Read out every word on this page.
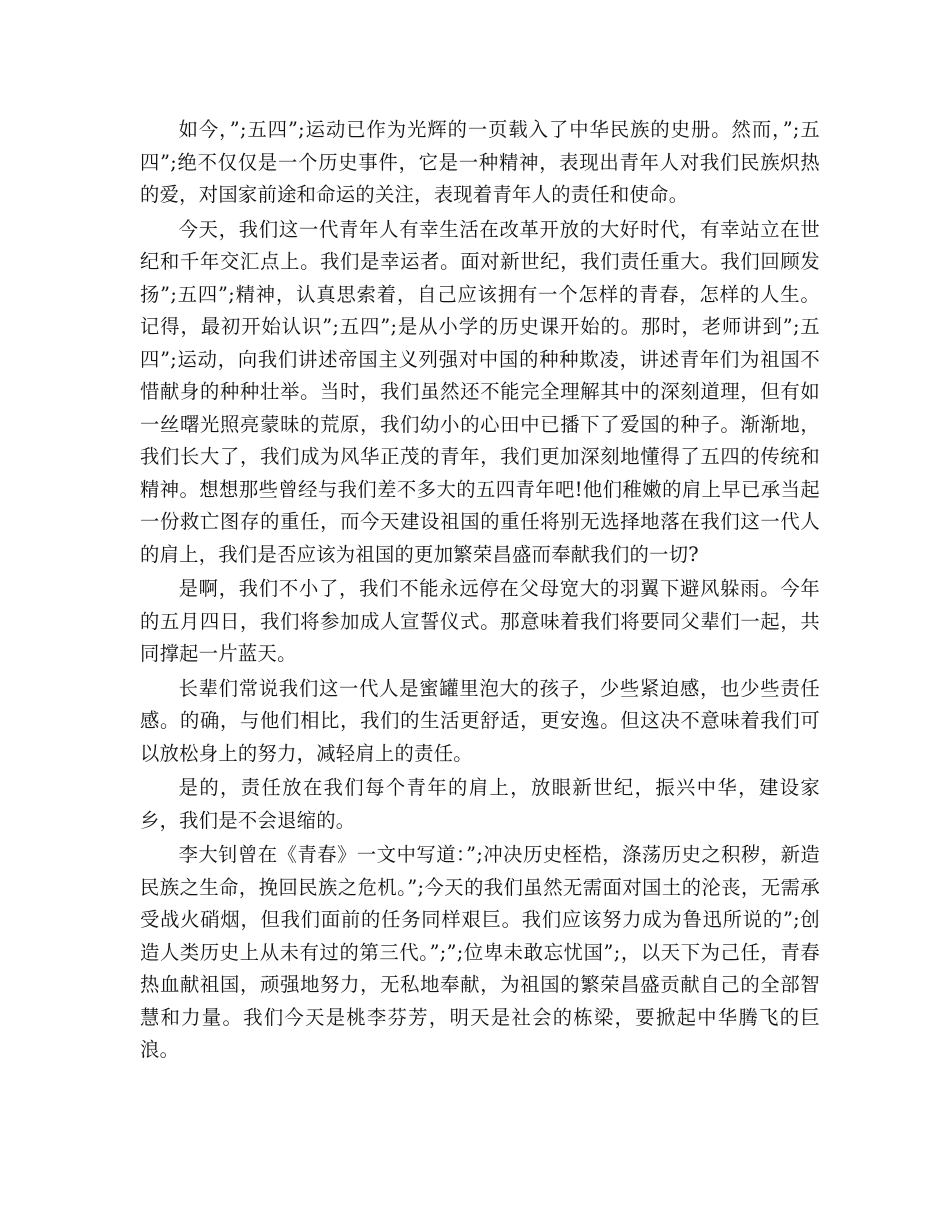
如今，”;五四”;运动已作为光辉的一页载入了中华民族的史册。然而，”;五四”;绝不仅仅是一个历史事件，它是一种精神，表现出青年人对我们民族炽热的爱，对国家前途和命运的关注，表现着青年人的责任和使命。

今天，我们这一代青年人有幸生活在改革开放的大好时代，有幸站立在世纪和千年交汇点上。我们是幸运者。面对新世纪，我们责任重大。我们回顾发扬”;五四”;精神，认真思索着，自己应该拥有一个怎样的青春，怎样的人生。记得，最初开始认识”;五四”;是从小学的历史课开始的。那时，老师讲到”;五四”;运动，向我们讲述帝国主义列强对中国的种种欺凌，讲述青年们为祖国不惜献身的种种壮举。当时，我们虽然还不能完全理解其中的深刻道理，但有如一丝曙光照亮蒙昧的荒原，我们幼小的心田中已播下了爱国的种子。渐渐地，我们长大了，我们成为风华正茂的青年，我们更加深刻地懂得了五四的传统和精神。想想那些曾经与我们差不多大的五四青年吧!他们稚嫩的肩上早已承当起一份救亡图存的重任，而今天建设祖国的重任将别无选择地落在我们这一代人的肩上，我们是否应该为祖国的更加繁荣昌盛而奉献我们的一切?

是啊，我们不小了，我们不能永远停在父母宽大的羽翼下避风躲雨。今年的五月四日，我们将参加成人宣誓仪式。那意味着我们将要同父辈们一起，共同撑起一片蓝天。

长辈们常说我们这一代人是蜜罐里泡大的孩子，少些紧迫感，也少些责任感。的确，与他们相比，我们的生活更舒适，更安逸。但这决不意味着我们可以放松身上的努力，减轻肩上的责任。

是的，责任放在我们每个青年的肩上，放眼新世纪，振兴中华，建设家乡，我们是不会退缩的。

李大钊曾在《青春》一文中写道：”;冲决历史桎梏，涤荡历史之积秽，新造民族之生命，挽回民族之危机。”;今天的我们虽然无需面对国土的沦丧，无需承受战火硝烟，但我们面前的任务同样艰巨。我们应该努力成为鲁迅所说的”;创造人类历史上从未有过的第三代。”;”;位卑未敢忘忧国”;，以天下为己任，青春热血献祖国，顽强地努力，无私地奉献，为祖国的繁荣昌盛贡献自己的全部智慧和力量。我们今天是桃李芬芳，明天是社会的栋梁，要掀起中华腾飞的巨浪。
